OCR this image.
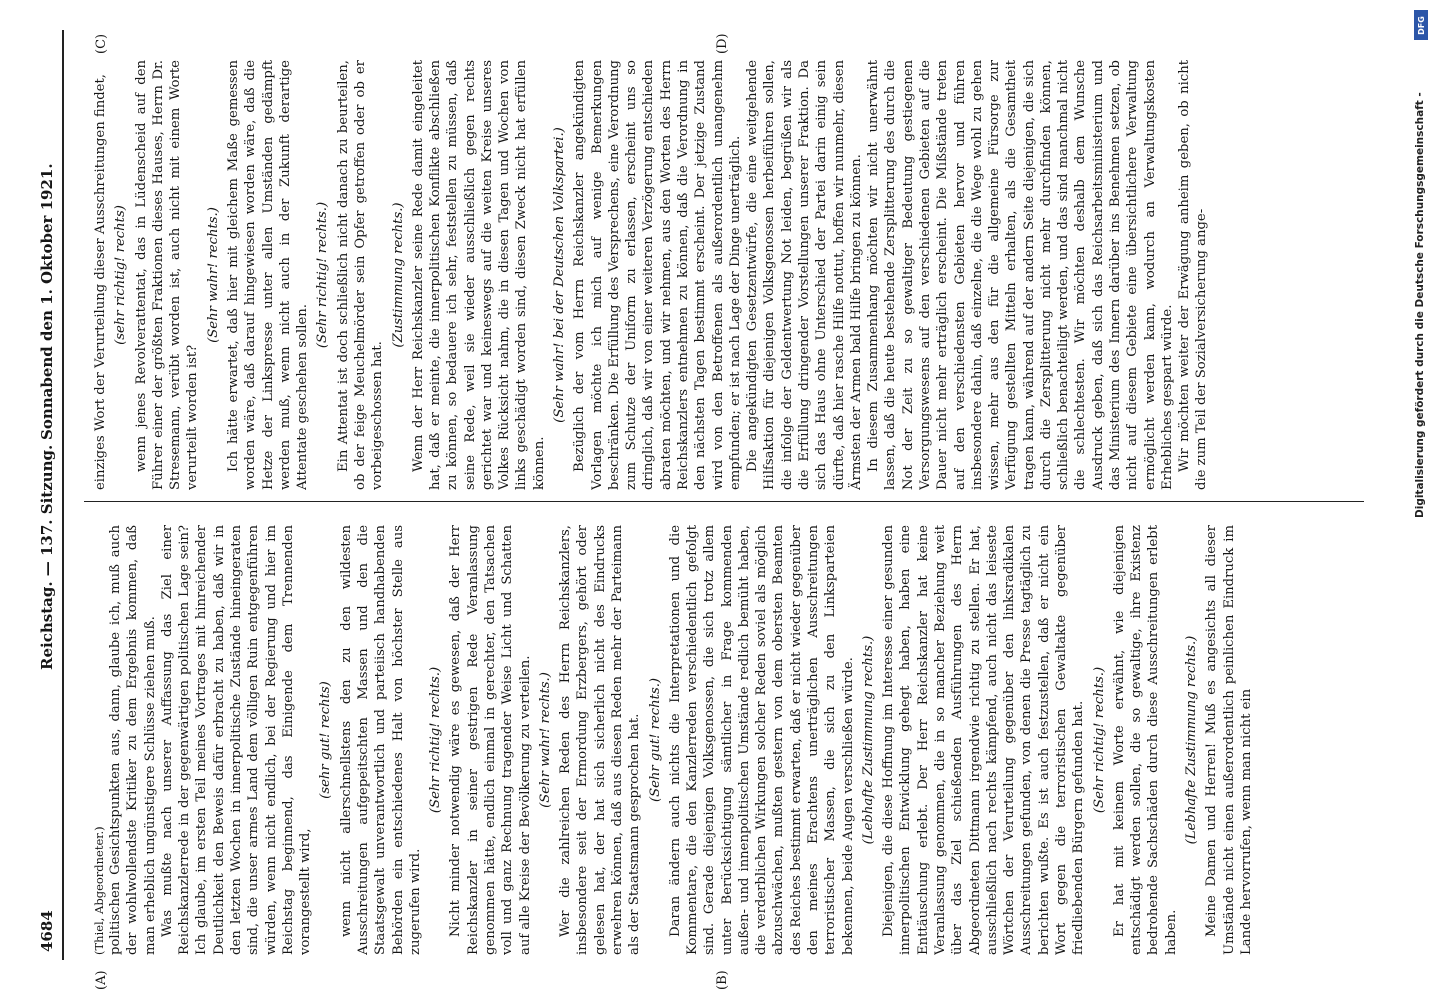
4684
Reichstag. — 137. Sitzung.
Sonnabend den 1. Oktober 1921.
(A)	(B)
(C)	(D)

(Thiel, Abgeordneter.) politischen Gesichtspunkten aus, dann, glaube ich, muß auch der wohlwollendste Kritiker zu dem Ergebnis kommen, daß man erheblich ungünstigere Schlüsse ziehen muß. Was mußte nach unserer Auffassung das Ziel einer Reichskanzlerrede in der gegenwärtigen politischen Lage sein? Ich glaube, im ersten Teil meines Vortrages mit hinreichender Deutlichkeit den Beweis dafür erbracht zu haben, daß wir in den letzten Wochen in innerpolitische Zustände hineingeraten sind, die unser armes Land dem völligen Ruin entgegenführen würden, wenn nicht endlich, bei der Regierung und hier im Reichstag beginnend, das Einigende dem Trennenden vorangestellt wird,

(sehr gut! rechts) wenn nicht allerschnellstens den zu den wildesten Ausschreitungen aufgepeitschten Massen und den die Staatsgewalt unverantwortlich und parteiisch handhabenden Behörden ein entschiedenes Halt von höchster Stelle aus zugerufen wird.

(Sehr richtig! rechts.) Nicht minder notwendig wäre es gewesen, daß der Herr Reichskanzler in seiner gestrigen Rede Veranlassung genommen hätte, endlich einmal in gerechter, den Tatsachen voll und ganz Rechnung tragender Weise Licht und Schatten auf alle Kreise der Bevölkerung zu verteilen. (Sehr wahr! rechts.) Wer die zahlreichen Reden des Herrn Reichskanzlers, insbesondere seit der Ermordung Erzbergers, gehört oder gelesen hat, der hat sich sicherlich nicht des Eindrucks erwehren können, daß aus diesen Reden mehr der Parteimann als der Staatsmann gesprochen hat. (Sehr gut! rechts.) Daran ändern auch nichts die Interpretationen und die Kommentare, die den Kanzlerreden verschiedentlich gefolgt sind. Gerade diejenigen Volksgenossen, die sich trotz allem unter Berücksichtigung sämtlicher in Frage kommenden außen- und innenpolitischen Umstände redlich bemüht haben, die verderblichen Wirkungen solcher Reden soviel als möglich abzuschwächen, mußten gestern von dem obersten Beamten des Reiches bestimmt erwarten, daß er nicht wieder gegenüber den meines Erachtens unerträglichen Ausschreitungen terroristischer Massen, die sich zu den Linksparteien bekennen, beide Augen verschließen würde. (Lebhafte Zustimmung rechts.) Diejenigen, die diese Hoffnung im Interesse einer gesunden innerpolitischen Entwicklung gehegt haben, haben eine Enttäuschung erlebt. Der Herr Reichskanzler hat keine Veranlassung genommen, die in so mancher Beziehung weit über das Ziel schießenden Ausführungen des Herrn Abgeordneten Dittmann irgendwie richtig zu stellen. Er hat, ausschließlich nach rechts kämpfend, auch nicht das leiseste Wörtchen der Verurteilung gegenüber den linksradikalen Ausschreitungen gefunden, von denen die Presse tagtäglich zu berichten wußte. Es ist auch festzustellen, daß er nicht ein Wort gegen die terroristischen Gewaltakte gegenüber friedliebenden Bürgern gefunden hat. (Sehr richtig! rechts.) Er hat mit keinem Worte erwähnt, wie diejenigen entschädigt werden sollen, die so gewaltige, ihre Existenz bedrohende Sachschäden durch diese Ausschreitungen erlebt haben.

(Lebhafte Zustimmung rechts.) Meine Damen und Herren! Muß es angesichts all dieser Umstände nicht einen außerordentlich peinlichen Eindruck im Lande hervorrufen, wenn man nicht ein

einziges Wort der Verurteilung dieser Ausschreitungen findet, (sehr richtig! rechts) wenn jenes Revolverattentat, das in Lüdenscheid auf den Führer einer der größten Fraktionen dieses Hauses, Herrn Dr. Stresemann, verübt worden ist, auch nicht mit einem Worte verurteilt worden ist?

(Sehr wahr! rechts.) Ich hätte erwartet, daß hier mit gleichem Maße gemessen worden wäre, daß darauf hingewiesen worden wäre, daß die Hetze der Linkspresse unter allen Umständen gedämpft werden muß, wenn nicht auch in der Zukunft derartige Attentate geschehen sollen.

(Sehr richtig! rechts.) Ein Attentat ist doch schließlich nicht danach zu beurteilen, ob der feige Meuchelmörder sein Opfer getroffen oder ob er vorbeigeschossen hat.

(Zustimmung rechts.) Wenn der Herr Reichskanzler seine Rede damit eingeleitet hat, daß er meinte, die innerpolitischen Konflikte abschließen zu können, so bedauere ich sehr, feststellen zu müssen, daß seine Rede, weil sie wieder ausschließlich gegen rechts gerichtet war und keineswegs auf die weiten Kreise unseres Volkes Rücksicht nahm, die in diesen Tagen und Wochen von links geschädigt worden sind, diesen Zweck nicht hat erfüllen können.

(Sehr wahr! bei der Deutschen Volkspartei.) Bezüglich der vom Herrn Reichskanzler angekündigten Vorlagen möchte ich mich auf wenige Bemerkungen beschränken. Die Erfüllung des Versprechens, eine Verordnung zum Schutze der Uniform zu erlassen, erscheint uns so dringlich, daß wir von einer weiteren Verzögerung entschieden abraten möchten, und wir nehmen, aus den Worten des Herrn Reichskanzlers entnehmen zu können, daß die Verordnung in den nächsten Tagen bestimmt erscheint. Der jetzige Zustand wird von den Betroffenen als außerordentlich unangenehm empfunden; er ist nach Lage der Dinge unerträglich. Die angekündigten Gesetzentwürfe, die eine weitgehende Hilfsaktion für diejenigen Volksgenossen herbeiführen sollen, die infolge der Geldentwertung Not leiden, begrüßen wir als die Erfüllung dringender Vorstellungen unserer Fraktion. Da sich das Haus ohne Unterschied der Partei darin einig sein dürfte, daß hier rasche Hilfe nottut, hoffen wir nunmehr, diesen Ärmsten der Armen bald Hilfe bringen zu können. In diesem Zusammenhang möchten wir nicht unerwähnt lassen, daß die heute bestehende Zersplitterung des durch die Not der Zeit zu so gewaltiger Bedeutung gestiegenen Versorgungswesens auf den verschiedenen Gebieten auf die Dauer nicht mehr erträglich erscheint. Die Mißstände treten auf den verschiedensten Gebieten hervor und führen insbesondere dahin, daß einzelne, die die Wege wohl zu gehen wissen, mehr aus den für die allgemeine Fürsorge zur Verfügung gestellten Mitteln erhalten, als die Gesamtheit tragen kann, während auf der andern Seite diejenigen, die sich durch die Zersplitterung nicht mehr durchfinden können, schließlich benachteiligt werden, und das sind manchmal nicht die schlechtesten. Wir möchten deshalb dem Wunsche Ausdruck geben, daß sich das Reichsarbeitsministerium und das Ministerium des Innern darüber ins Benehmen setzen, ob nicht auf diesem Gebiete eine übersichtlichere Verwaltung ermöglicht werden kann, wodurch an Verwaltungskosten Erhebliches gespart würde. Wir möchten weiter der Erwägung anheim geben, ob nicht die zum Teil der Sozialversicherung ange-	Digitalisierung gefördert durch die Deutsche Forschungsgemeinschaft -
DFG
